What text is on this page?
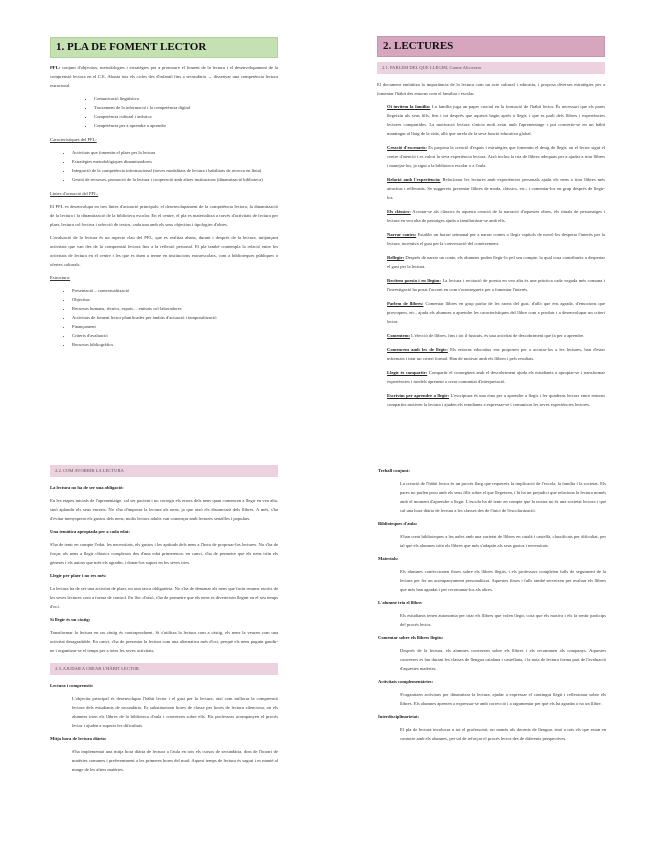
1. PLA DE FOMENT LECTOR

PFL: conjunt d'objectius, metodologies i estratègies per a promoure el foment de la lectura i el desenvolupament de la comprensió lectora en el C.E. Abasta tots els cicles des d'infantil fins a secundària → dissenyar una competència lectora estructural.

• Comunicació lingüística
• Tractament de la informació i la competència digital
• Competència cultural i artística
• Competència per a aprendre a aprendre

Característiques del PFL:

• Activitats que fomentin el plaer per la lectura
• Estratègies metodològiques dinamitzadores
• Integració de la competència informacional (noves modalitats de lectura i habilitats de recerca en línia)
• Gestió de recursos, promoció de la lectura i cooperació amb altres institucions (dinamització biblioteca)

Línies d'actuació del PFL:

El PFL es desenvolupa en tres línies d'actuació principals: el desenvolupament de la competència lectora, la dinamització de la lectura i la dinamització de la biblioteca escolar. En el centre, el pla es materialitza a través d'activitats de lectura per plaer, lectura col·lectiva i selecció de textos, cada una amb els seus objectius i tipologies d'obres.

L'avaluació de la lectura és un aspecte clau del PFL, que es realitza abans, durant i després de la lectura, mitjançant activitats que van des de la comprensió lectora fins a la reflexió personal. El pla també contempla la relació entre les activitats de lectura en el centre i les que es duen a terme en institucions extraescolars, com a biblioteques públiques o ofertes culturals.

Estructura:

• Presentació – contextualització
• Objectius
• Recursos humans, tècnics, espais… entitats col·laboradores
• Activitats de foment lector planificades per àmbits d'actuació i temporalització
• Finançament
• Criteris d'avaluació
• Recursos bibliogràfics
2. LECTURES
2.1. PARLEM DEL QUE LLEGIM, Carme Alcoverro

El document emfatitza la importància de la lectura com un acte cultural i educatiu, i proposa diverses estratègies per a fomentar l'hàbit des entorns com el familiar i escolar.

Oi invitem la família: La família juga un paper crucial en la formació de l'hàbit lector. És necessari que els pares llegeixin als seus fills, fins i tot després que aquests hagin après a llegir, i que es parli dels llibres i experiències lectores compartides. La motivació lectora s'inicia molt aviat amb l'aprenentatge i pot convertir-se en un hàbit mantingut al llarg de la vida, allò que arrela de la seva funció educativa global.

Creació d'escenaris: Es proposa la creació d'espais i estratègies que fomentin el desig de llegir, on el lector sigui el centre d'atenció i es valori la seva experiència lectora. Això inclou la tria de llibres adequats per a ajudar a triar llibres i manejar-los, ja sigui a la biblioteca escolar o a l'aula.

Relació amb l'experiència: Relacionar les lectures amb experiències personals ajuda els nens a triar llibres més atractius i rellevants. Se suggereix presentar llibres de moda, clàssics, etc., i comentar-los en grup després de llegir-los.

Els clàssics: Acostar-se als clàssics és aquesta creació de la narració d'aquestes obres, els rituals de personatges i lectura en veu alta de passatges ajuda a familiaritzar-se amb ells.

Narrar contes: Establir un horari setmanal per a narrar contes o llegir capítols de novel·les desperta l'interès per la lectura, incentiva el gust per la conversació del coneixement.

Rellegir: Després de narrar un conte, els alumnes poden llegir-lo pel seu compte, la qual cosa contribueix a despertar el gust per la lectura.

Recitem poesia i en llegim: La lectura i recitació de poesia en veu alta és una pràctica cada vegada més comuna i l'investigació ha posat l'accent en com s'aconsegueix per a fomentar l'interès.

Parlem de llibres: Comentar llibres en grup parlar de les raons del gust, d'allò que ens agrada, d'emocions que provoquen, etc., ajuda els alumnes a aprendre les característiques del llibre com a produir i a desenvolupar un criteri lector.

Comentem: L'elecció de llibres, fins i tot il·lustrats, és una activitat de descobriment que fa per a aprendre.

Comencem amb les de llegir: Els entorns educatius ens proposen per a acostar-los a les lectures, han d'estar informats i triar un criteri formal. Han de motivar amb els llibres i pels resultats.

Llegir és compartir: Compartir el consegüent amb el descobriment ajuda els estudiants a apropiar-se i transformar experiències i models aprenent a crear comunitat d'interpretació.

Escrivim per aprendre a llegir: L'escriptura és una eina per a aprendre a llegir i fer quaderns lectors entre entorns compartits motiven la lectura i ajuden els estudiants a expressar-se i comunicar les seves experiències lectores.

2.2. COM AVORRIR LA LECTURA
La lectura no ha de ser una obligació:

En les etapes inicials de l'aprenentatge, cal ser pacient i no corregir els errors dels nens quan comencen a llegir en veu alta, sinó aplaudir els seus encerts. No s'ha d'imposar la lectura als nens, ja que això els distanciarà dels llibres. A més, s'ha d'evitar menysprear els gustos dels nens; molts lectors adults van començar amb lectures senzilles i populars.

Una temàtica apropiada per a cada edat:

S'ha de tenir en compte l'edat, les necessitats, els gustos i les aptituds dels nens a l'hora de proposar-los lectures. No s'ha de forçar als nens a llegir clàssics complexos des d'una edat primerenca; en canvi, s'ha de permetre que els nens triïn els gèneres i els autors que més els agradin, i donar-los suport en les seves tries.

Llegir per plaer i no res més:

La lectura ha de ser una activitat de plaer, no una tasca obligatòria. No s'ha de demanar als nens que facin resums escrits de les seves lectures com a forma de control. En lloc d'això, s'ha de permetre que els nens es diverteixin llegint en el seu temps d'oci.

Si llegir és un càstig:

Transformar la lectura en un càstig és contraproduent. Si s'utilitza la lectura com a càstig, els nens la veuran com una activitat desagradable. En canvi, s'ha de presentar la lectura com una alternativa més d'oci, perquè els nens puguin gaudir-ne i organitzar-se el temps per a totes les seves activitats.

2.3. AJUDAR A CREAR L'HÀBIT LECTOR
Lectura i comprensió:

L'objectiu principal és desenvolupar l'hàbit lector i el gust per la lectura, així com millorar la comprensió lectora dels estudiants de secundària. Es substitueixen hores de classe per hores de lectura silenciosa, on els alumnes trien els llibres de la biblioteca d'aula i conversen sobre ells. Els professors acompanyen el procés lector i ajuden a superar les dificultats.

Mitja hora de lectura diària:

S'ha implementat una mitja hora diària de lectura a l'aula en tots els cursos de secundària, dins de l'horari de matèries comunes i preferentment a les primeres hores del matí. Aquest temps de lectura és sagrat i es manté al marge de les altres matèries.

Treball conjunt:

La creació de l'hàbit lector és un procés llarg que requereix la implicació de l'escola, la família i la societat. Els pares no parlen prou amb els seus fills sobre el que llegeixen, i hi ha un prejudici que relaciona la lectura només amb el moment d'aprendre a llegir. L'escola ha de tenir en compte que la nostra no és una societat lectora i que cal una hora diària de lectura a les classes des de l'inici de l'escolarització.

Biblioteques d'aula:

S'han creat biblioteques a les aules amb una varietat de llibres en català i castellà, classificats per dificultat, per tal que els alumnes triïn els llibres que més s'adaptin als seus gustos i necessitats.

Materials:

Els alumnes confeccionen fitxes sobre els llibres llegits, i els professors completen fulls de seguiment de la lectura per fer un acompanyament personalitzat. Aquestes fitxes i fulls també serveixen per avaluar els llibres que més han agradat i per recomanar-los als altres.

L'alumne tria el llibre:

Els estudiants tenen autonomia per triar els llibres que volen llegir, cosa que els motiva i els fa sentir partícips del procés lector.

Comentar sobre els llibres llegits:

Després de la lectura, els alumnes conversen sobre els llibres i els recomanen als companys. Aquestes converses es fan durant les classes de llengua catalana i castellana, i la nota de lectura forma part de l'avaluació d'aquestes matèries.

Activitats complementàries:

S'organitzen activitats per dinamitzar la lectura, ajudar a expressar el contingut llegit i reflexionar sobre els llibres. Els alumnes aprenen a expressar-se amb correcció i a argumentar per què els ha agradat o no un llibre.

Interdisciplinarietat:

El pla de lectura involucra a tot el professorat, no només als docents de llengua, sinó a tots els que estan en contacte amb els alumnes, per tal de reforçar el procés lector des de diferents perspectives.
